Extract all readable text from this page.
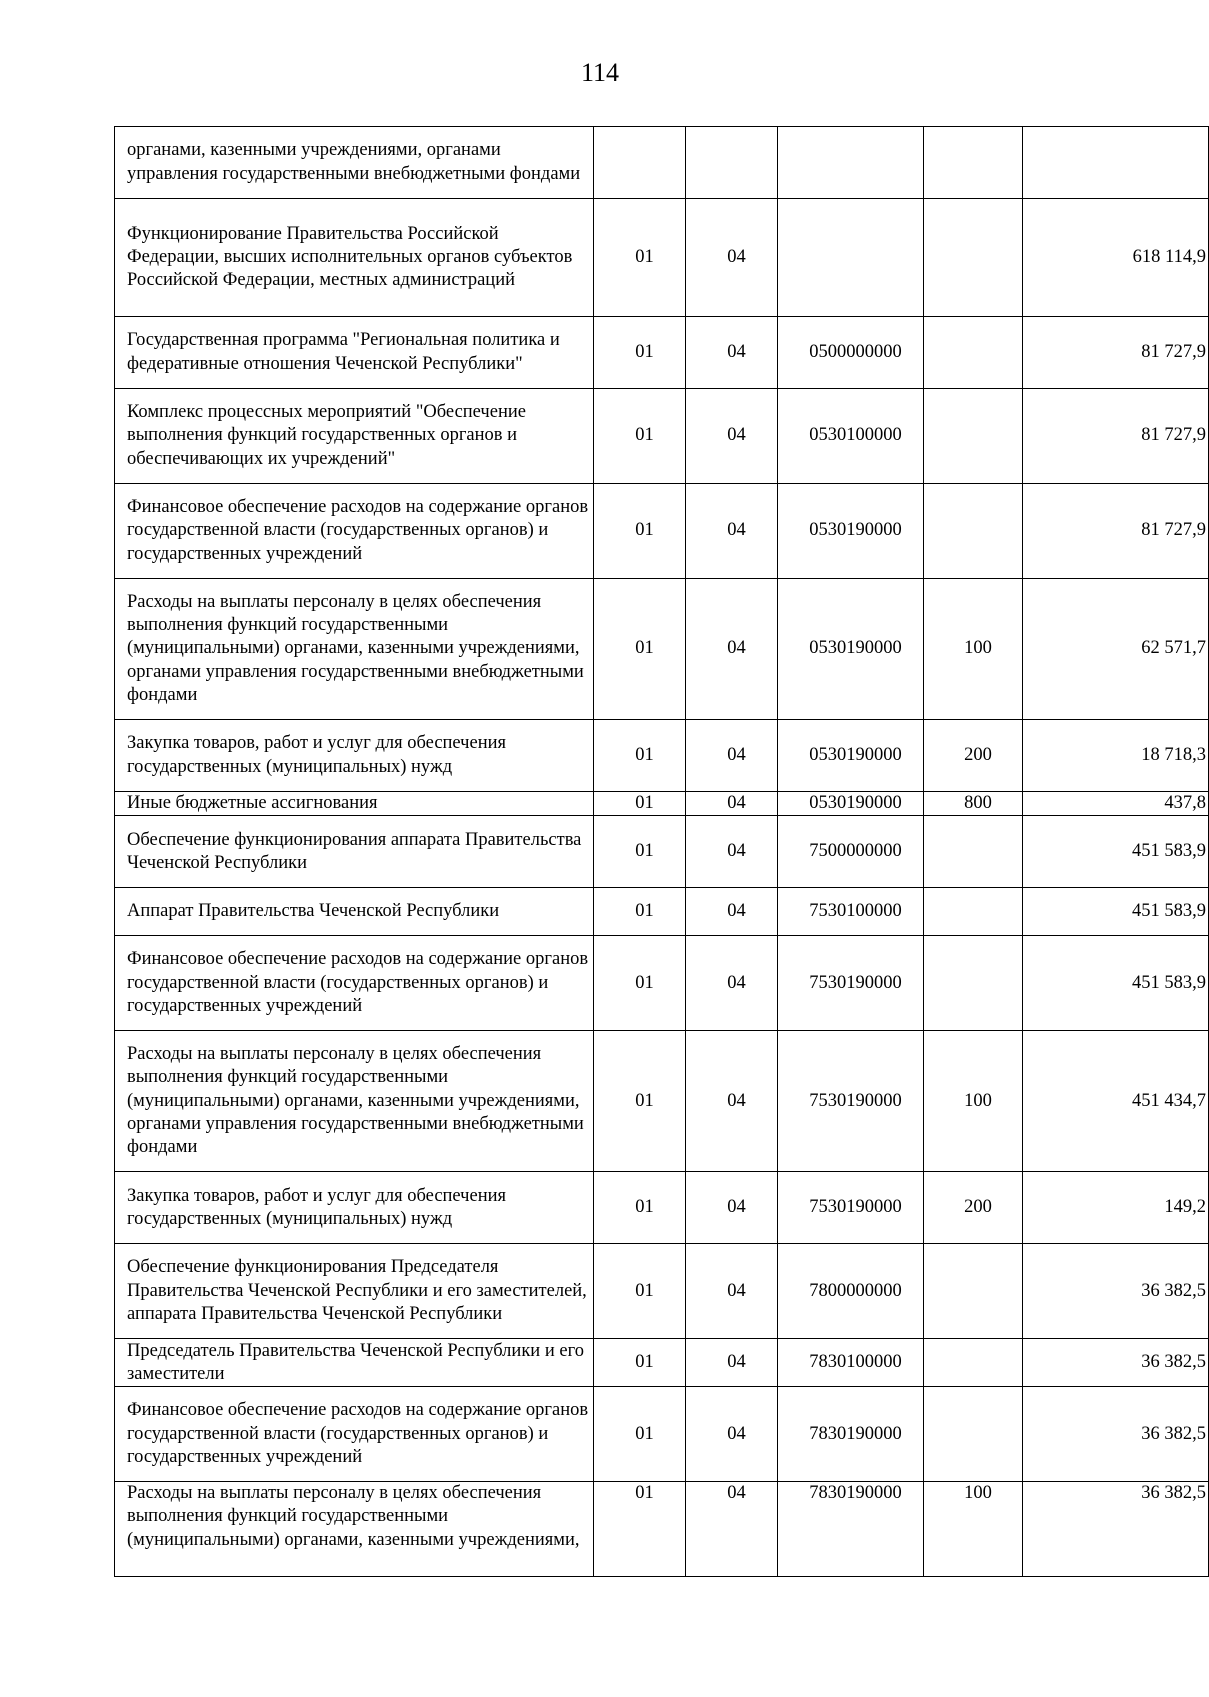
114
органами, казенными учреждениями, органами управления государственными внебюджетными фондами					
Функционирование Правительства Российской Федерации, высших исполнительных органов субъектов Российской Федерации, местных администраций	01	04			618 114,9
Государственная программа "Региональная политика и федеративные отношения Чеченской Республики"	01	04	0500000000		81 727,9
Комплекс процессных мероприятий "Обеспечение выполнения функций государственных органов и обеспечивающих их учреждений"	01	04	0530100000		81 727,9
Финансовое обеспечение расходов на содержание органов государственной власти (государственных органов) и государственных учреждений	01	04	0530190000		81 727,9
Расходы на выплаты персоналу в целях обеспечения выполнения функций государственными (муниципальными) органами, казенными учреждениями, органами управления государственными внебюджетными фондами	01	04	0530190000	100	62 571,7
Закупка товаров, работ и услуг для обеспечения государственных (муниципальных) нужд	01	04	0530190000	200	18 718,3
Иные бюджетные ассигнования	01	04	0530190000	800	437,8
Обеспечение функционирования аппарата Правительства Чеченской Республики	01	04	7500000000		451 583,9
Аппарат Правительства Чеченской Республики	01	04	7530100000		451 583,9
Финансовое обеспечение расходов на содержание органов государственной власти (государственных органов) и государственных учреждений	01	04	7530190000		451 583,9
Расходы на выплаты персоналу в целях обеспечения выполнения функций государственными (муниципальными) органами, казенными учреждениями, органами управления государственными внебюджетными фондами	01	04	7530190000	100	451 434,7
Закупка товаров, работ и услуг для обеспечения государственных (муниципальных) нужд	01	04	7530190000	200	149,2
Обеспечение функционирования Председателя Правительства Чеченской Республики и его заместителей, аппарата Правительства Чеченской Республики	01	04	7800000000		36 382,5
Председатель Правительства Чеченской Республики и его заместители	01	04	7830100000		36 382,5
Финансовое обеспечение расходов на содержание органов государственной власти (государственных органов) и государственных учреждений	01	04	7830190000		36 382,5
Расходы на выплаты персоналу в целях обеспечения выполнения функций государственными (муниципальными) органами, казенными учреждениями,	01	04	7830190000	100	36 382,5
